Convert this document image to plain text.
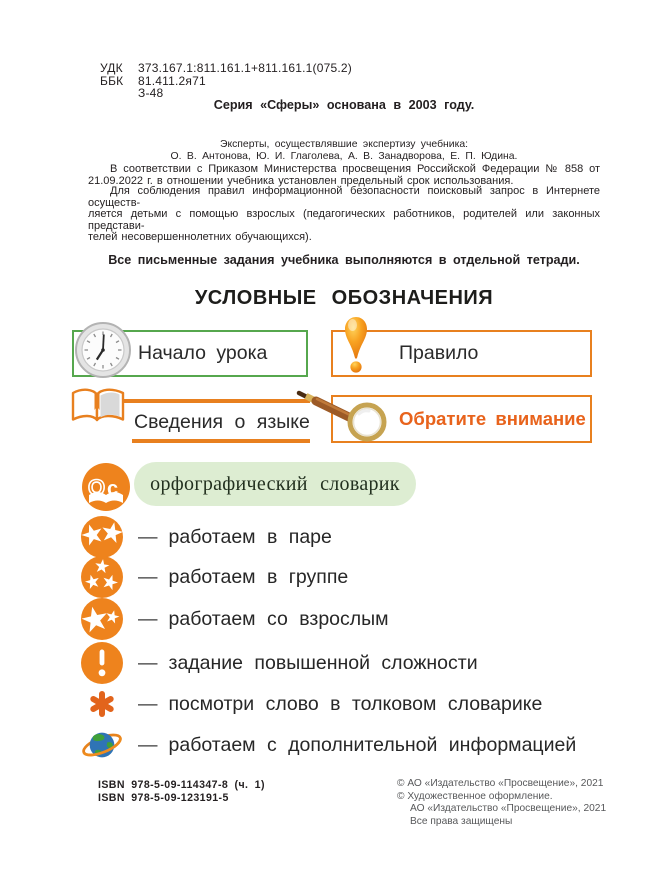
УДК 373.167.1:811.161.1+811.161.1(075.2)
ББК 81.411.2я71
З-48
Серия «Сферы» основана в 2003 году.
Эксперты, осуществлявшие экспертизу учебника:
О. В. Антонова, Ю. И. Глаголева, А. В. Занадворова, Е. П. Юдина.
В соответствии с Приказом Министерства просвещения Российской Федерации № 858 от
21.09.2022 г. в отношении учебника установлен предельный срок использования.
Для соблюдения правил информационной безопасности поисковый запрос в Интернете осуществ-
ляется детьми с помощью взрослых (педагогических работников, родителей или законных представи-
телей несовершеннолетних обучающихся).
Все письменные задания учебника выполняются в отдельной тетради.
УСЛОВНЫЕ ОБОЗНАЧЕНИЯ
Начало урока	Правило
Сведения о языке	Обратите внимание
О с орфографический словарик
— работаем в паре
— работаем в группе
— работаем со взрослым
— задание повышенной сложности
— посмотри слово в толковом словарике
— работаем с дополнительной информацией
ISBN 978-5-09-114347-8 (ч. 1)
ISBN 978-5-09-123191-5
© АО «Издательство «Просвещение», 2021
© Художественное оформление.
АО «Издательство «Просвещение», 2021
Все права защищены
